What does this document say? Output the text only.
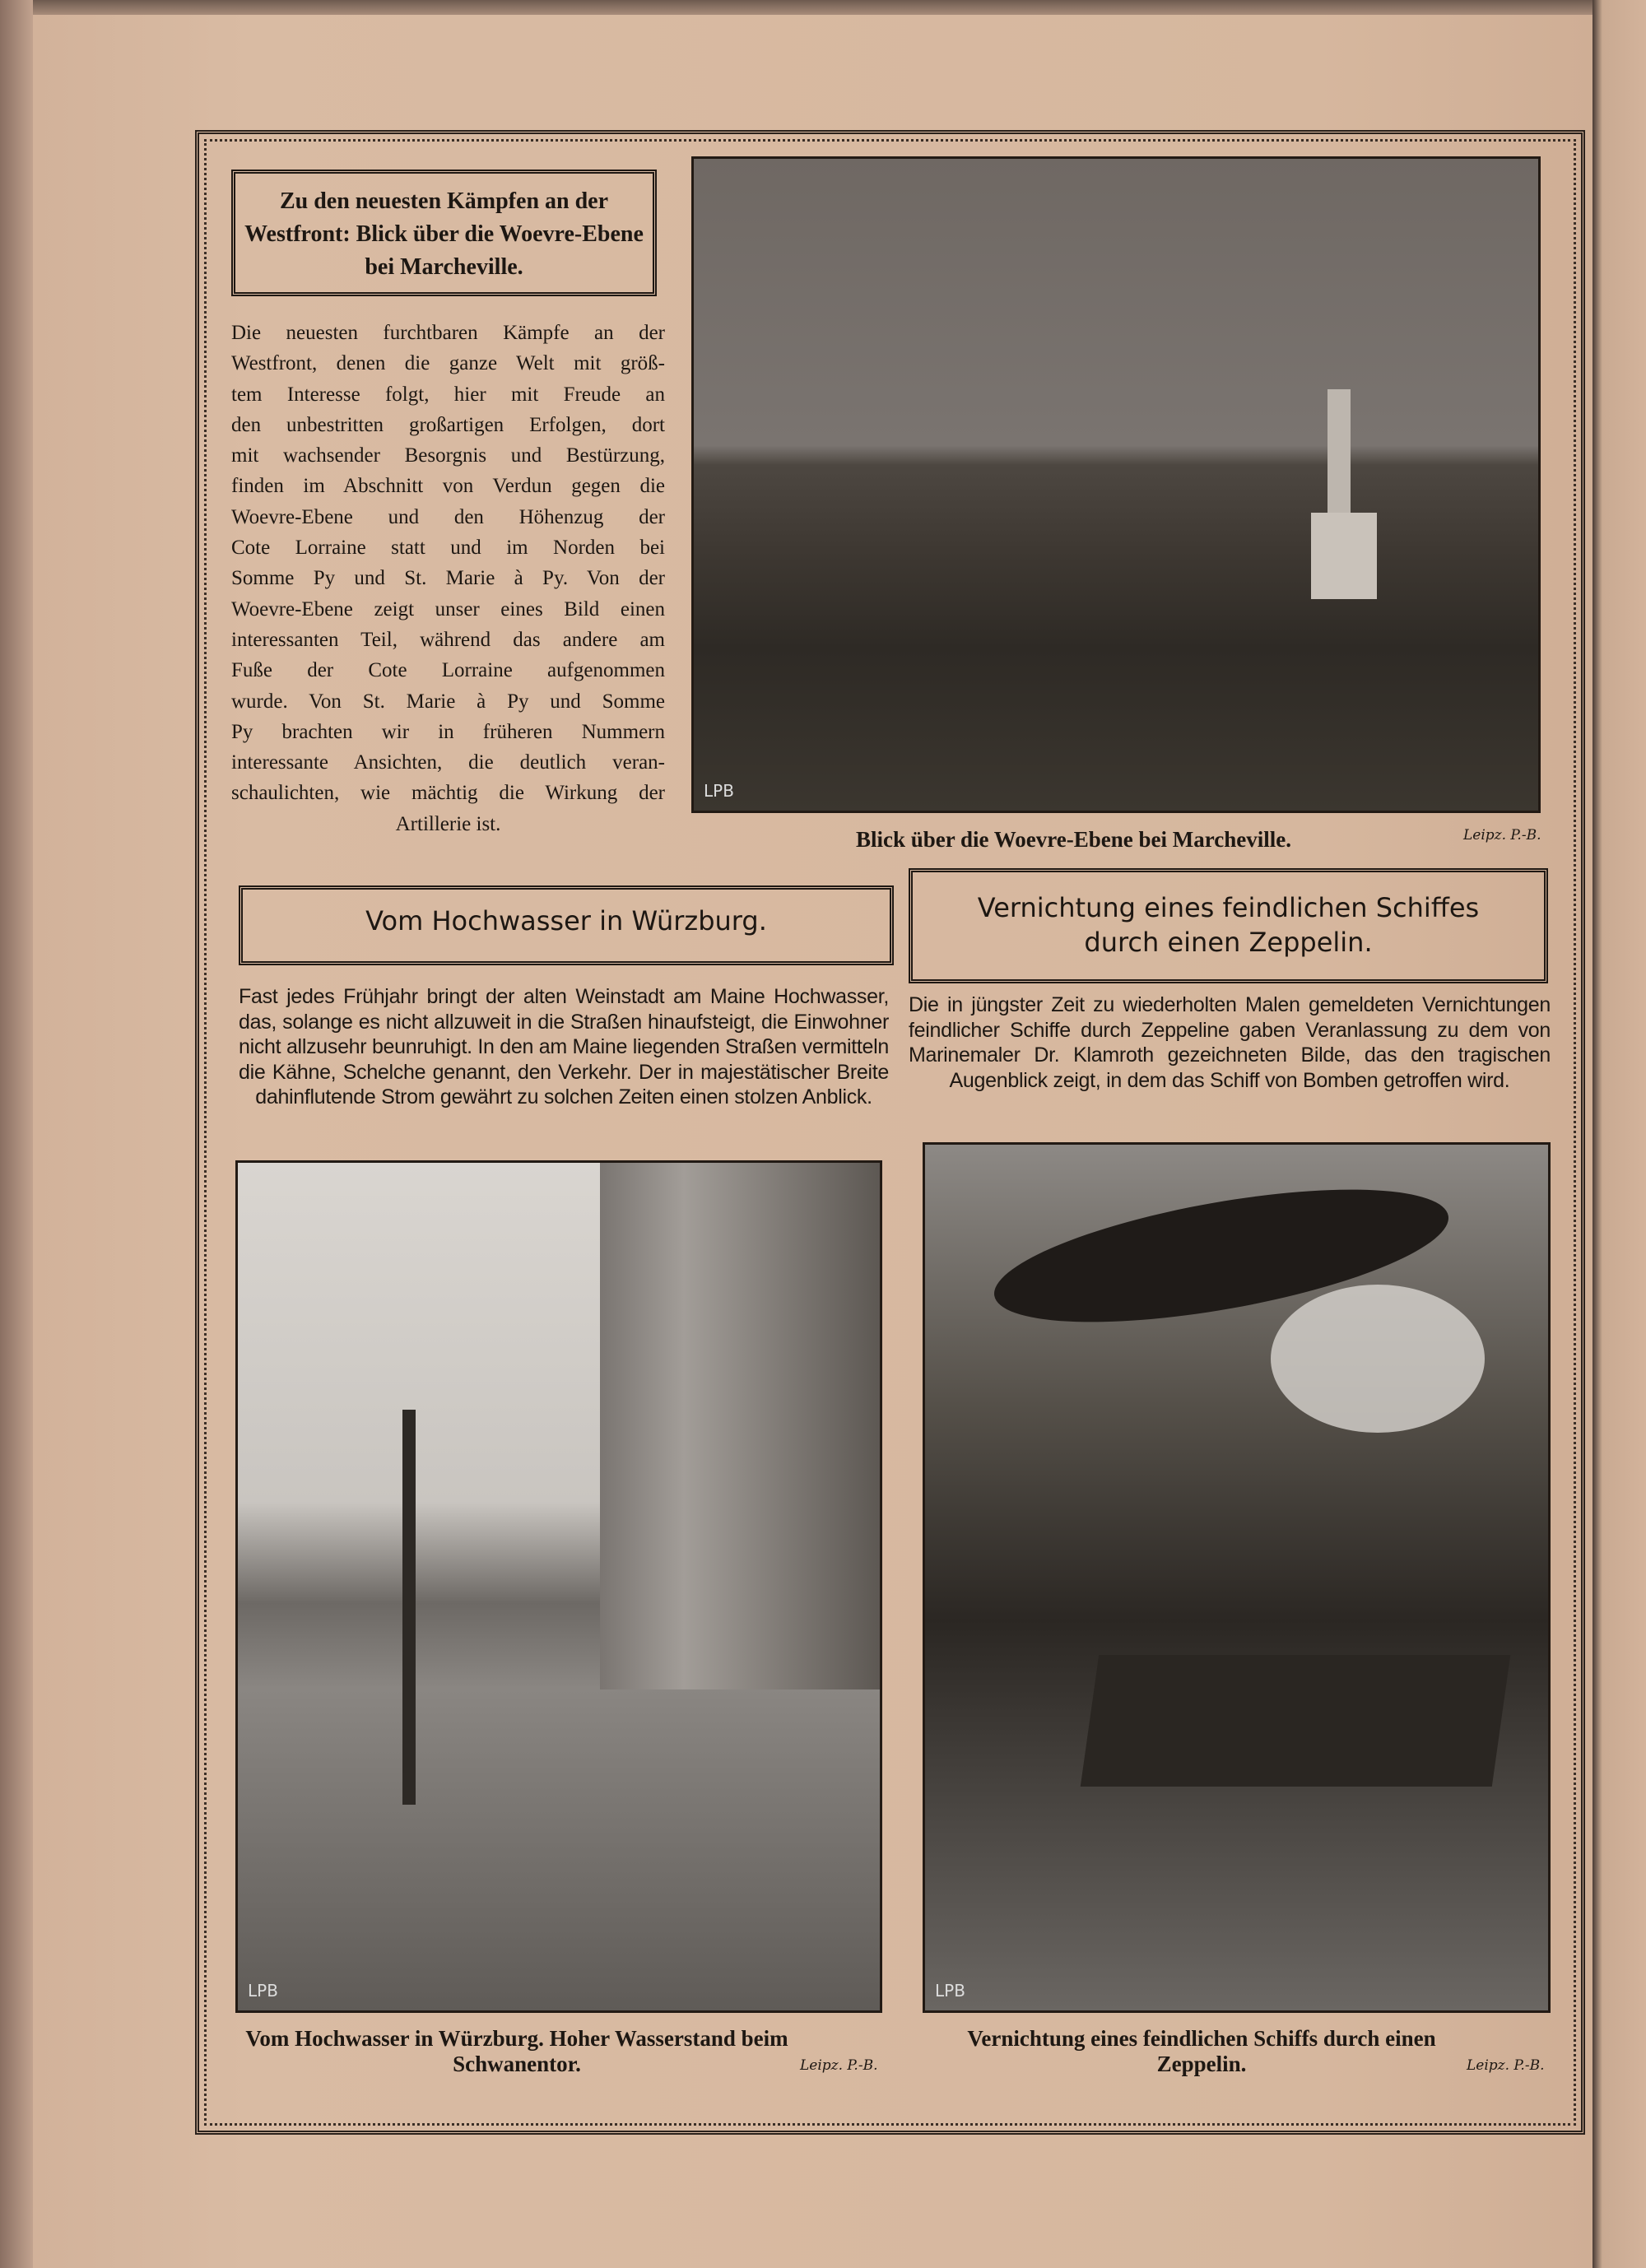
Zu den neuesten Kämpfen an der Westfront: Blick über die Woevre-Ebene bei Marcheville.
Die neuesten furchtbaren Kämpfe an der
Westfront, denen die ganze Welt mit größ-
tem Interesse folgt, hier mit Freude an
den unbestritten großartigen Erfolgen, dort
mit wachsender Besorgnis und Bestürzung,
finden im Abschnitt von Verdun gegen die
Woevre-Ebene und den Höhenzug der
Cote Lorraine statt und im Norden bei
Somme Py und St. Marie à Py. Von der
Woevre-Ebene zeigt unser eines Bild einen
interessanten Teil, während das andere am
Fuße der Cote Lorraine aufgenommen
wurde. Von St. Marie à Py und Somme
Py brachten wir in früheren Nummern
interessante Ansichten, die deutlich veran-
schaulichten, wie mächtig die Wirkung der
Artillerie ist.
LPB
Blick über die Woevre-Ebene bei Marcheville.	Leipz. P.-B.
Vom Hochwasser in Würzburg.
Fast jedes Frühjahr bringt der alten Weinstadt am Maine Hochwasser, das, solange es nicht allzuweit in die Straßen hinaufsteigt, die Einwohner nicht allzusehr beunruhigt. In den am Maine liegenden Straßen vermitteln die Kähne, Schelche genannt, den Verkehr. Der in majestätischer Breite dahinflutende Strom gewährt zu solchen Zeiten einen stolzen Anblick.
Vernichtung eines feindlichen Schiffes durch einen Zeppelin.
Die in jüngster Zeit zu wiederholten Malen gemeldeten Vernichtungen feindlicher Schiffe durch Zeppeline gaben Veranlassung zu dem von Marinemaler Dr. Klamroth gezeichneten Bilde, das den tragischen Augenblick zeigt, in dem das Schiff von Bomben getroffen wird.
LPB
Vom Hochwasser in Würzburg. Hoher Wasserstand beim Schwanentor.	Leipz. P.-B.
LPB
Vernichtung eines feindlichen Schiffs durch einen Zeppelin.	Leipz. P.-B.
